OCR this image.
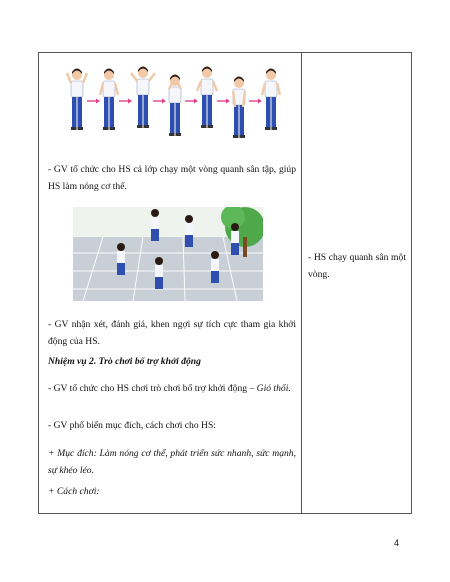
- GV tổ chức cho HS cả lớp chạy một vòng quanh sân tập, giúp HS làm nóng cơ thể.
- GV nhận xét, đánh giá, khen ngợi sự tích cực tham gia khởi động của HS.
Nhiệm vụ 2. Trò chơi bổ trợ khởi động
- GV tổ chức cho HS chơi trò chơi bổ trợ khởi động – Gió thổi.
- GV phổ biến mục đích, cách chơi cho HS:
+ Mục đích: Làm nóng cơ thể, phát triển sức nhanh, sức mạnh, sự khéo léo.
+ Cách chơi:
- HS chạy quanh sân một vòng.
4
